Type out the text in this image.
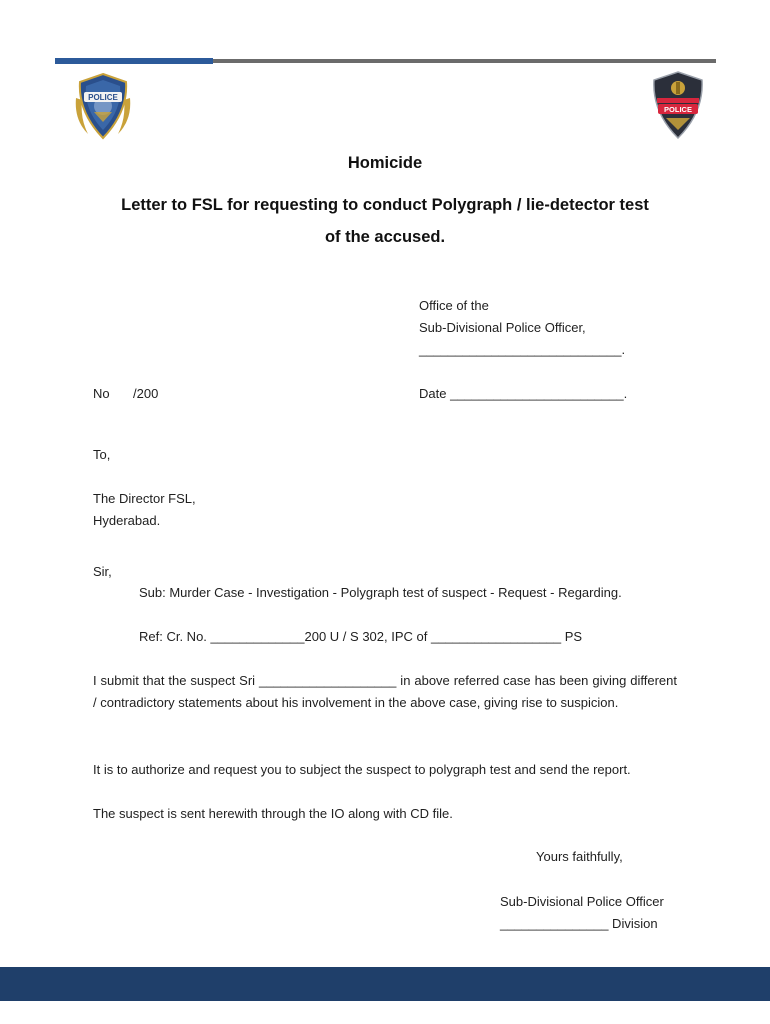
POLICE
POLICE
Homicide
Letter to FSL for requesting to conduct Polygraph / lie-detector test
of the accused.
Office of the
Sub-Divisional Police Officer,
____________________________.
No /200	Date ________________________.
To,
The Director FSL,
Hyderabad.
Sir,
Sub: Murder Case - Investigation - Polygraph test of suspect - Request - Regarding.
Ref: Cr. No. _____________200 U / S 302, IPC of __________________ PS
I submit that the suspect Sri ___________________ in above referred case has been giving different / contradictory statements about his involvement in the above case, giving rise to suspicion.
It is to authorize and request you to subject the suspect to polygraph test and send the report.
The suspect is sent herewith through the IO along with CD file.
Yours faithfully,
Sub-Divisional Police Officer
_______________ Division
